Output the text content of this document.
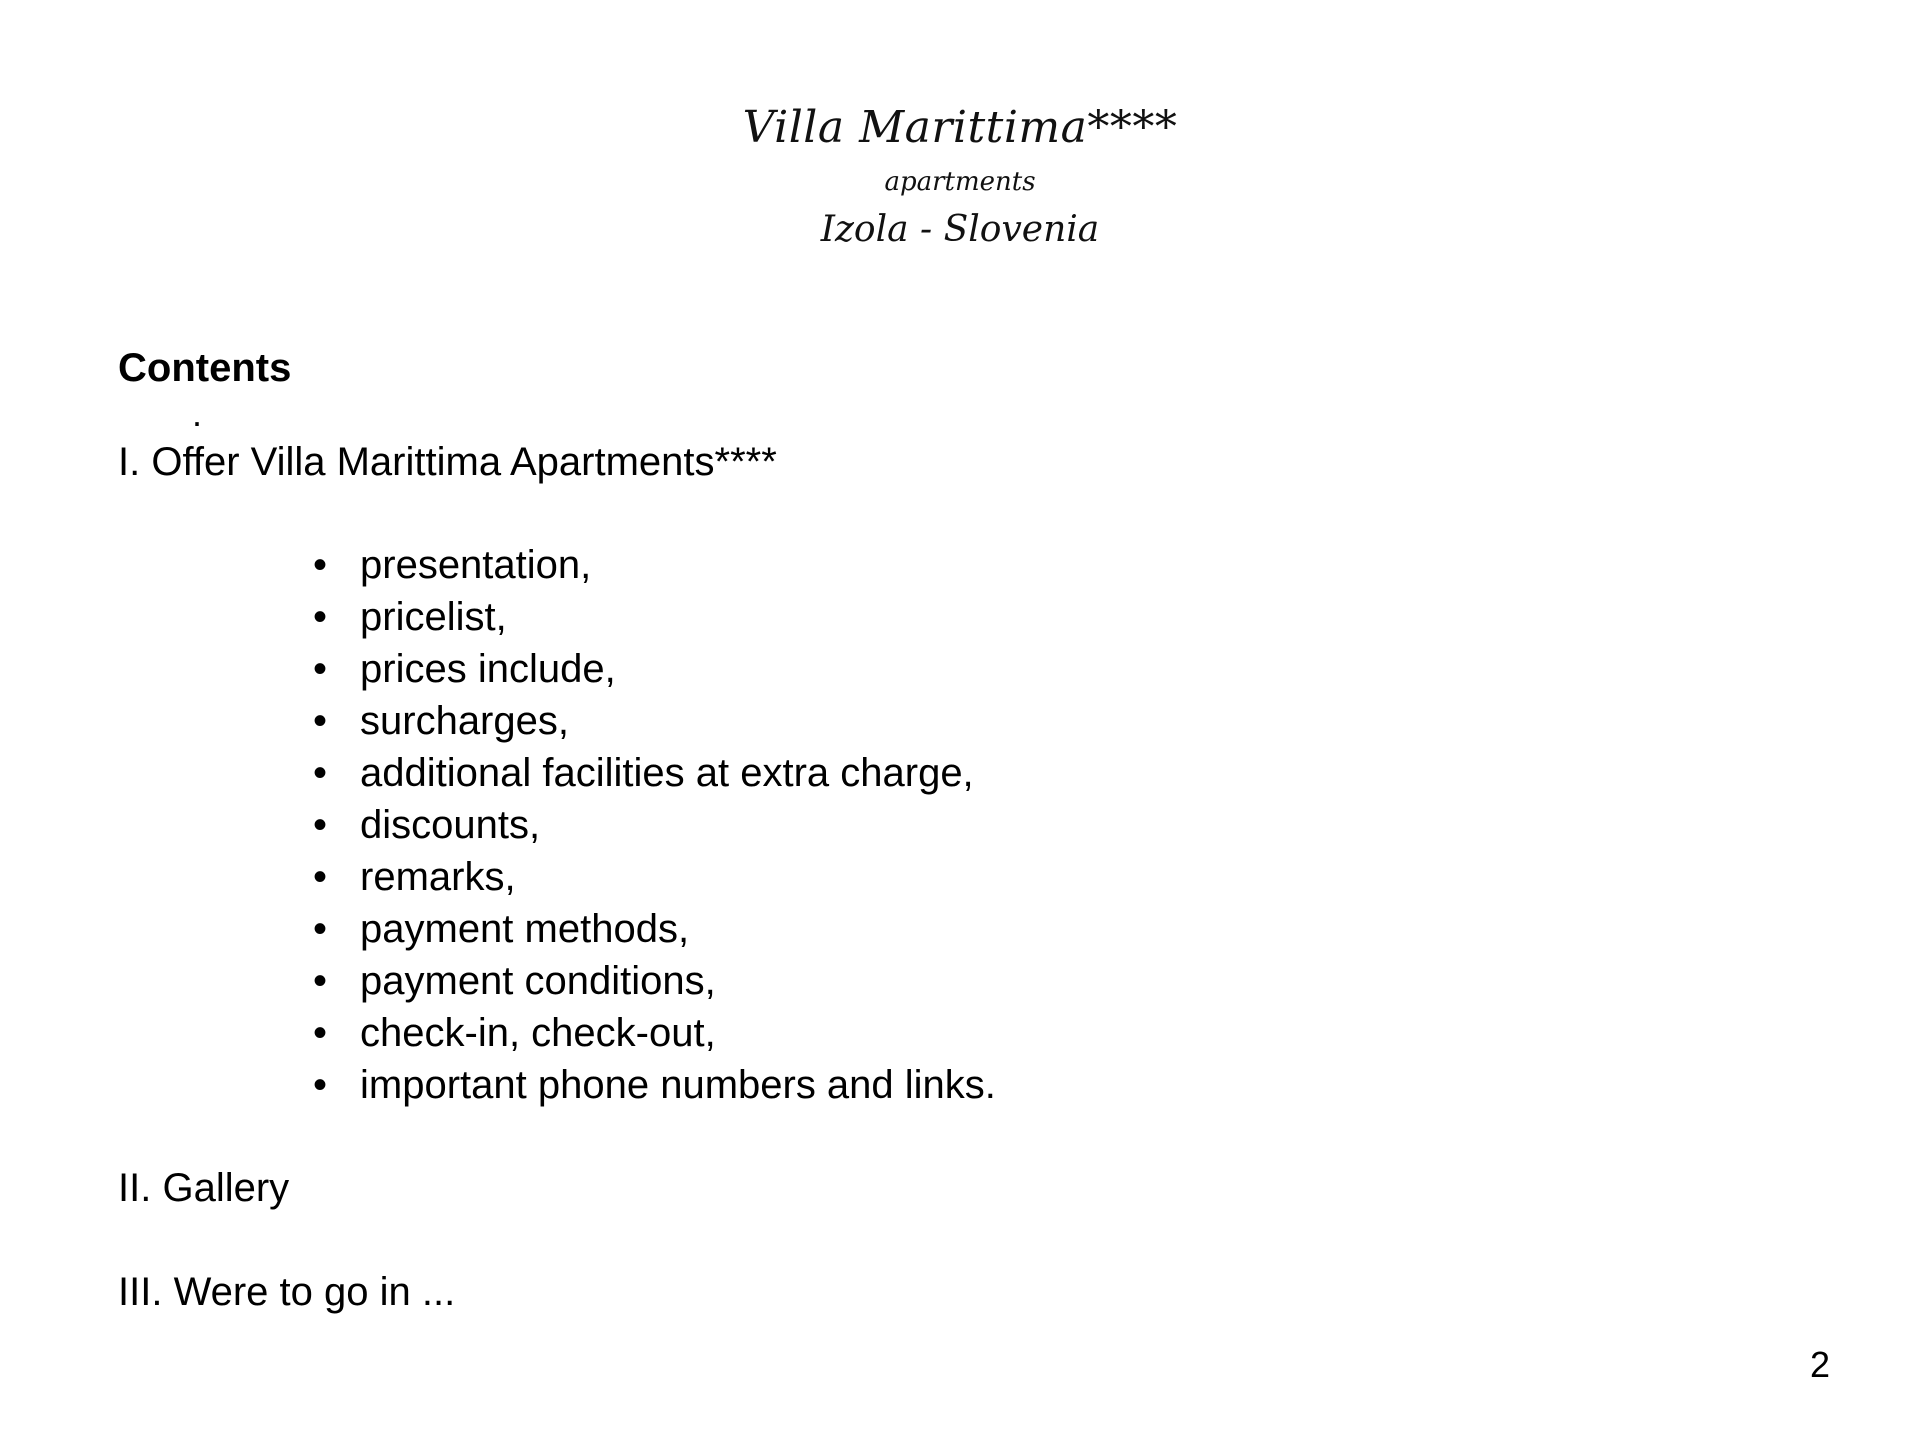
Villa Marittima****
apartments
Izola - Slovenia
Contents
.
I. Offer Villa Marittima Apartments****
• presentation,
• pricelist,
• prices include,
• surcharges,
• additional facilities at extra charge,
• discounts,
• remarks,
• payment methods,
• payment conditions,
• check-in, check-out,
• important phone numbers and links.
II. Gallery
III. Were to go in ...
2
